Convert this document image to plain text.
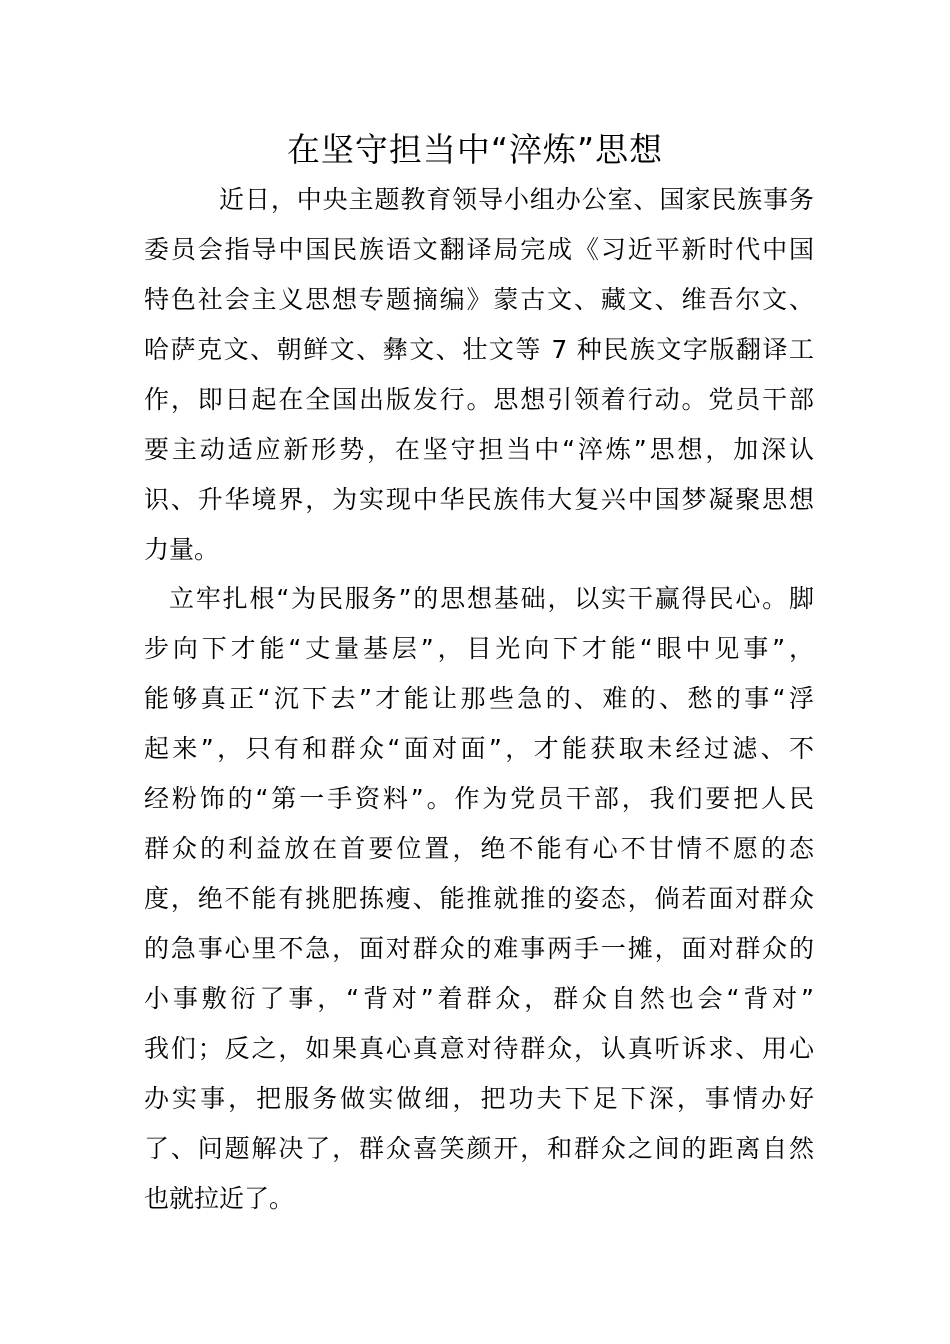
在坚守担当中“淬炼”思想
近日，中央主题教育领导小组办公室、国家民族事务
委员会指导中国民族语文翻译局完成《习近平新时代中国
特色社会主义思想专题摘编》蒙古文、藏文、维吾尔文、
哈萨克文、朝鲜文、彝文、壮文等 7 种民族文字版翻译工
作，即日起在全国出版发行。思想引领着行动。党员干部
要主动适应新形势，在坚守担当中“淬炼”思想，加深认
识、升华境界，为实现中华民族伟大复兴中国梦凝聚思想
力量。
立牢扎根“为民服务”的思想基础，以实干赢得民心。脚
步向下才能“丈量基层”，目光向下才能“眼中见事”，
能够真正“沉下去”才能让那些急的、难的、愁的事“浮
起来”，只有和群众“面对面”，才能获取未经过滤、不
经粉饰的“第一手资料”。作为党员干部，我们要把人民
群众的利益放在首要位置，绝不能有心不甘情不愿的态
度，绝不能有挑肥拣瘦、能推就推的姿态，倘若面对群众
的急事心里不急，面对群众的难事两手一摊，面对群众的
小事敷衍了事，“背对”着群众，群众自然也会“背对”
我们；反之，如果真心真意对待群众，认真听诉求、用心
办实事，把服务做实做细，把功夫下足下深，事情办好
了、问题解决了，群众喜笑颜开，和群众之间的距离自然
也就拉近了。
